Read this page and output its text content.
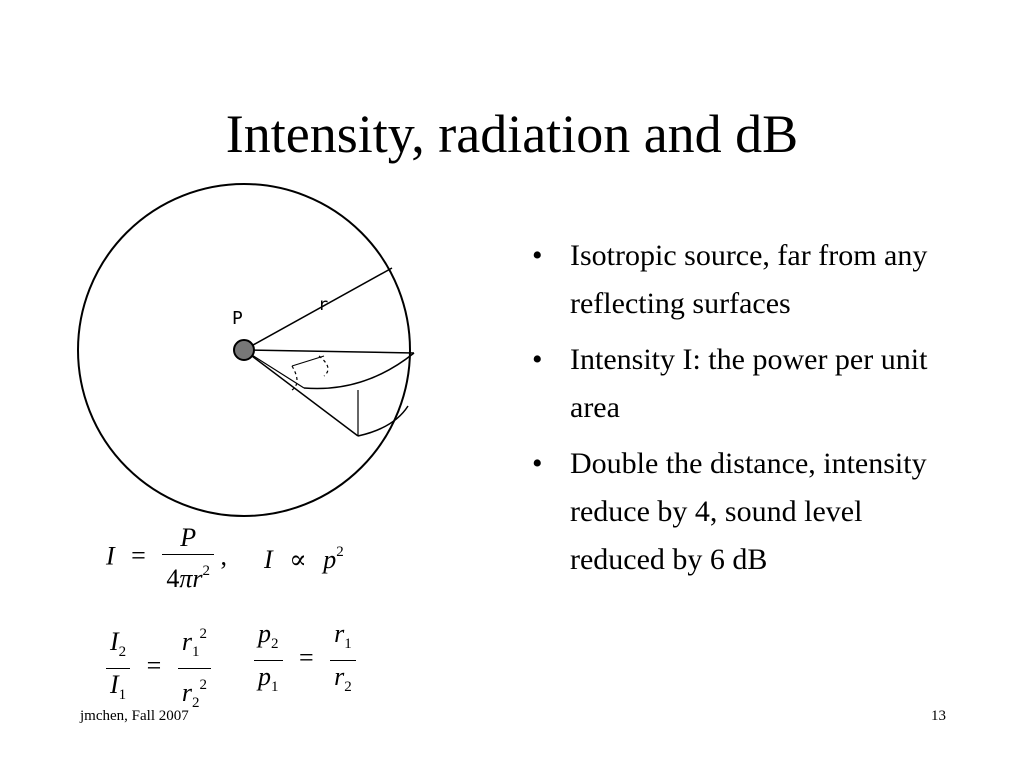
Intensity, radiation and dB
P
r
$I = \frac{P}{4\pi r^2}$ , $I \propto p^2$
$\frac{I_2}{I_1} = \frac{r_1^2}{r_2^2} \frac{p_2}{p_1} = \frac{r_1}{r_2}$
• Isotropic source, far from any reflecting surfaces
• Intensity I: the power per unit area
• Double the distance, intensity reduce by 4, sound level reduced by 6 dB
jmchen, Fall 2007	13
